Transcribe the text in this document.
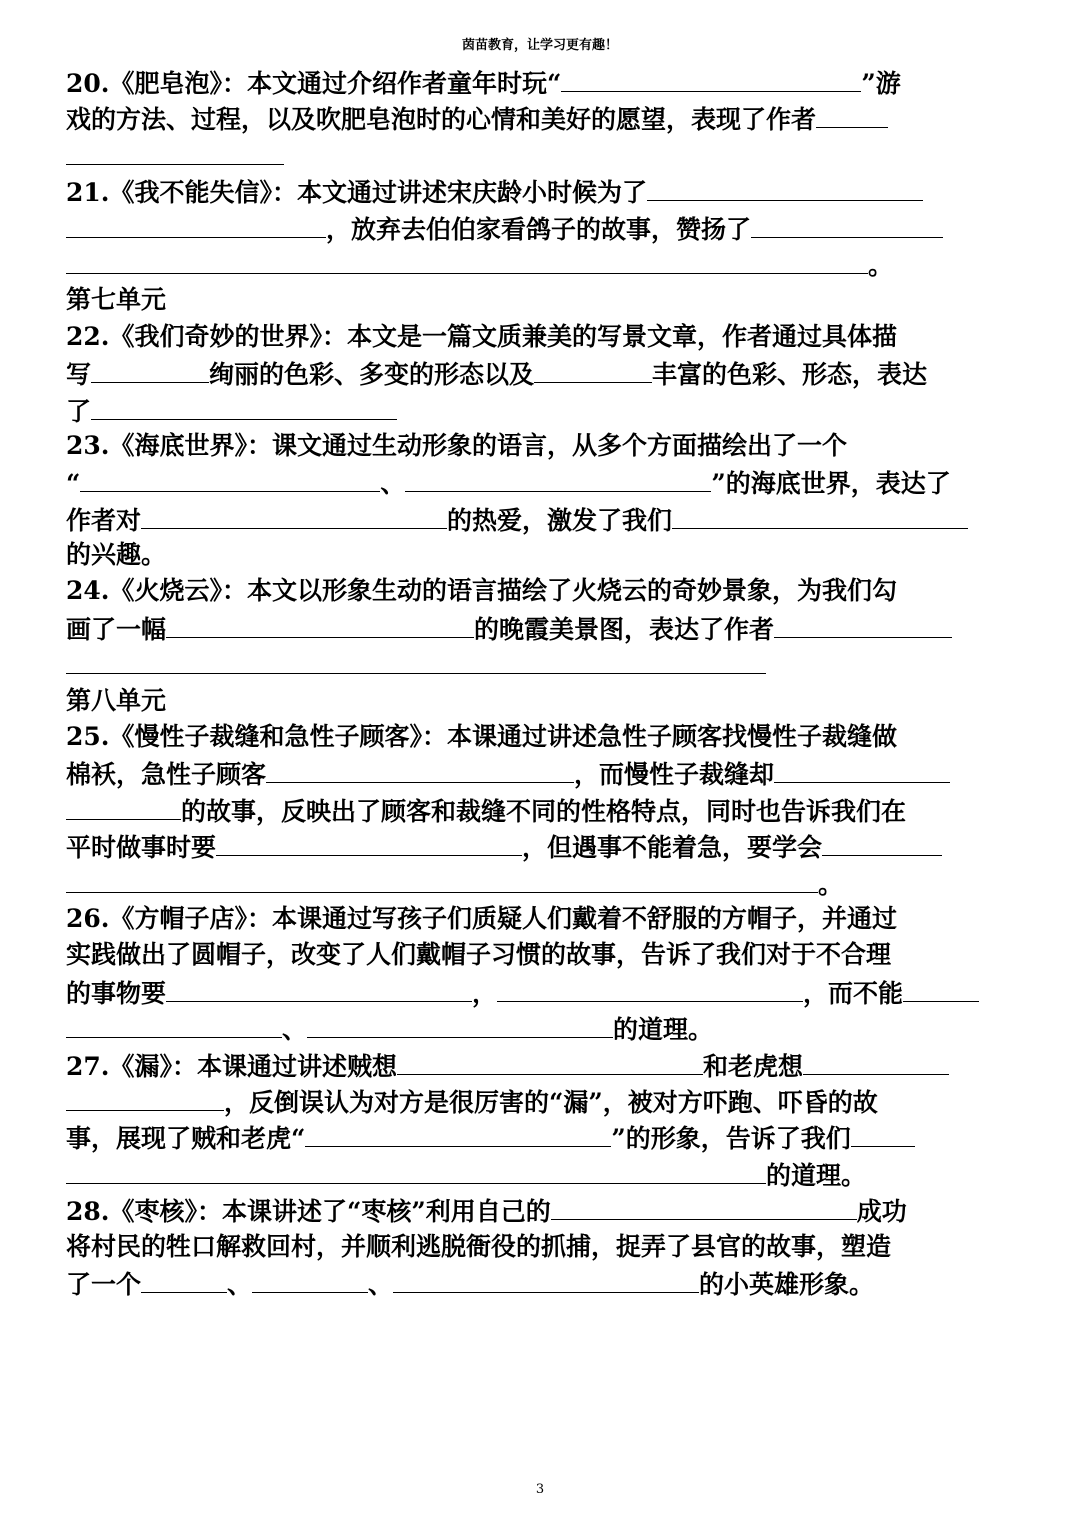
茵苗教育，让学习更有趣！
20.《肥皂泡》：本文通过介绍作者童年时玩“	”游
戏的方法、过程，以及吹肥皂泡时的心情和美好的愿望，表现了作者
21.《我不能失信》：本文通过讲述宋庆龄小时候为了
，放弃去伯伯家看鸽子的故事，赞扬了
。
第七单元
22.《我们奇妙的世界》：本文是一篇文质兼美的写景文章，作者通过具体描
写	绚丽的色彩、多变的形态以及	丰富的色彩、形态，表达
了
23.《海底世界》：课文通过生动形象的语言，从多个方面描绘出了一个
“	、	”的海底世界，表达了
作者对	的热爱，激发了我们
的兴趣。
24.《火烧云》：本文以形象生动的语言描绘了火烧云的奇妙景象，为我们勾
画了一幅	的晚霞美景图，表达了作者
第八单元
25.《慢性子裁缝和急性子顾客》：本课通过讲述急性子顾客找慢性子裁缝做
棉袄，急性子顾客	，而慢性子裁缝却
的故事，反映出了顾客和裁缝不同的性格特点，同时也告诉我们在
平时做事时要	，但遇事不能着急，要学会
。
26.《方帽子店》：本课通过写孩子们质疑人们戴着不舒服的方帽子，并通过
实践做出了圆帽子，改变了人们戴帽子习惯的故事，告诉了我们对于不合理
的事物要	，	，而不能
、	的道理。
27.《漏》：本课通过讲述贼想	和老虎想
，反倒误认为对方是很厉害的“漏”，被对方吓跑、吓昏的故
事，展现了贼和老虎“	”的形象，告诉了我们
的道理。
28.《枣核》：本课讲述了“枣核”利用自己的	成功
将村民的牲口解救回村，并顺利逃脱衙役的抓捕，捉弄了县官的故事，塑造
了一个	、	、	的小英雄形象。
3
